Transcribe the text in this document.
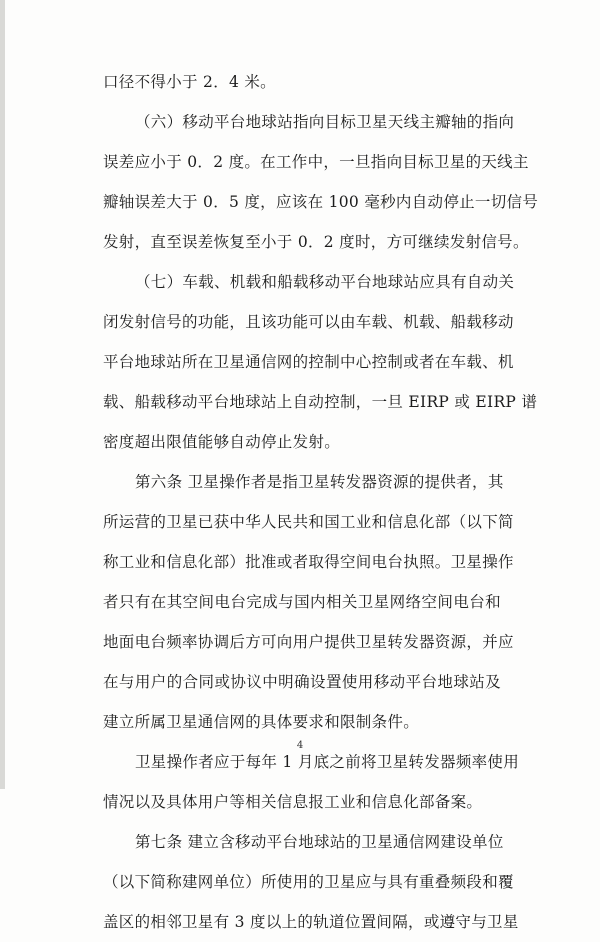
口径不得小于 2．4 米。
（六）移动平台地球站指向目标卫星天线主瓣轴的指向
误差应小于 0．2 度。在工作中，一旦指向目标卫星的天线主
瓣轴误差大于 0．5 度，应该在 100 毫秒内自动停止一切信号
发射，直至误差恢复至小于 0．2 度时，方可继续发射信号。
（七）车载、机载和船载移动平台地球站应具有自动关
闭发射信号的功能，且该功能可以由车载、机载、船载移动
平台地球站所在卫星通信网的控制中心控制或者在车载、机
载、船载移动平台地球站上自动控制，一旦 EIRP 或 EIRP 谱
密度超出限值能够自动停止发射。
第六条 卫星操作者是指卫星转发器资源的提供者，其
所运营的卫星已获中华人民共和国工业和信息化部（以下简
称工业和信息化部）批准或者取得空间电台执照。卫星操作
者只有在其空间电台完成与国内相关卫星网络空间电台和
地面电台频率协调后方可向用户提供卫星转发器资源，并应
在与用户的合同或协议中明确设置使用移动平台地球站及
建立所属卫星通信网的具体要求和限制条件。
卫星操作者应于每年 1 月底之前将卫星转发器频率使用
情况以及具体用户等相关信息报工业和信息化部备案。
第七条 建立含移动平台地球站的卫星通信网建设单位
（以下简称建网单位）所使用的卫星应与具有重叠频段和覆
盖区的相邻卫星有 3 度以上的轨道位置间隔，或遵守与卫星
4
